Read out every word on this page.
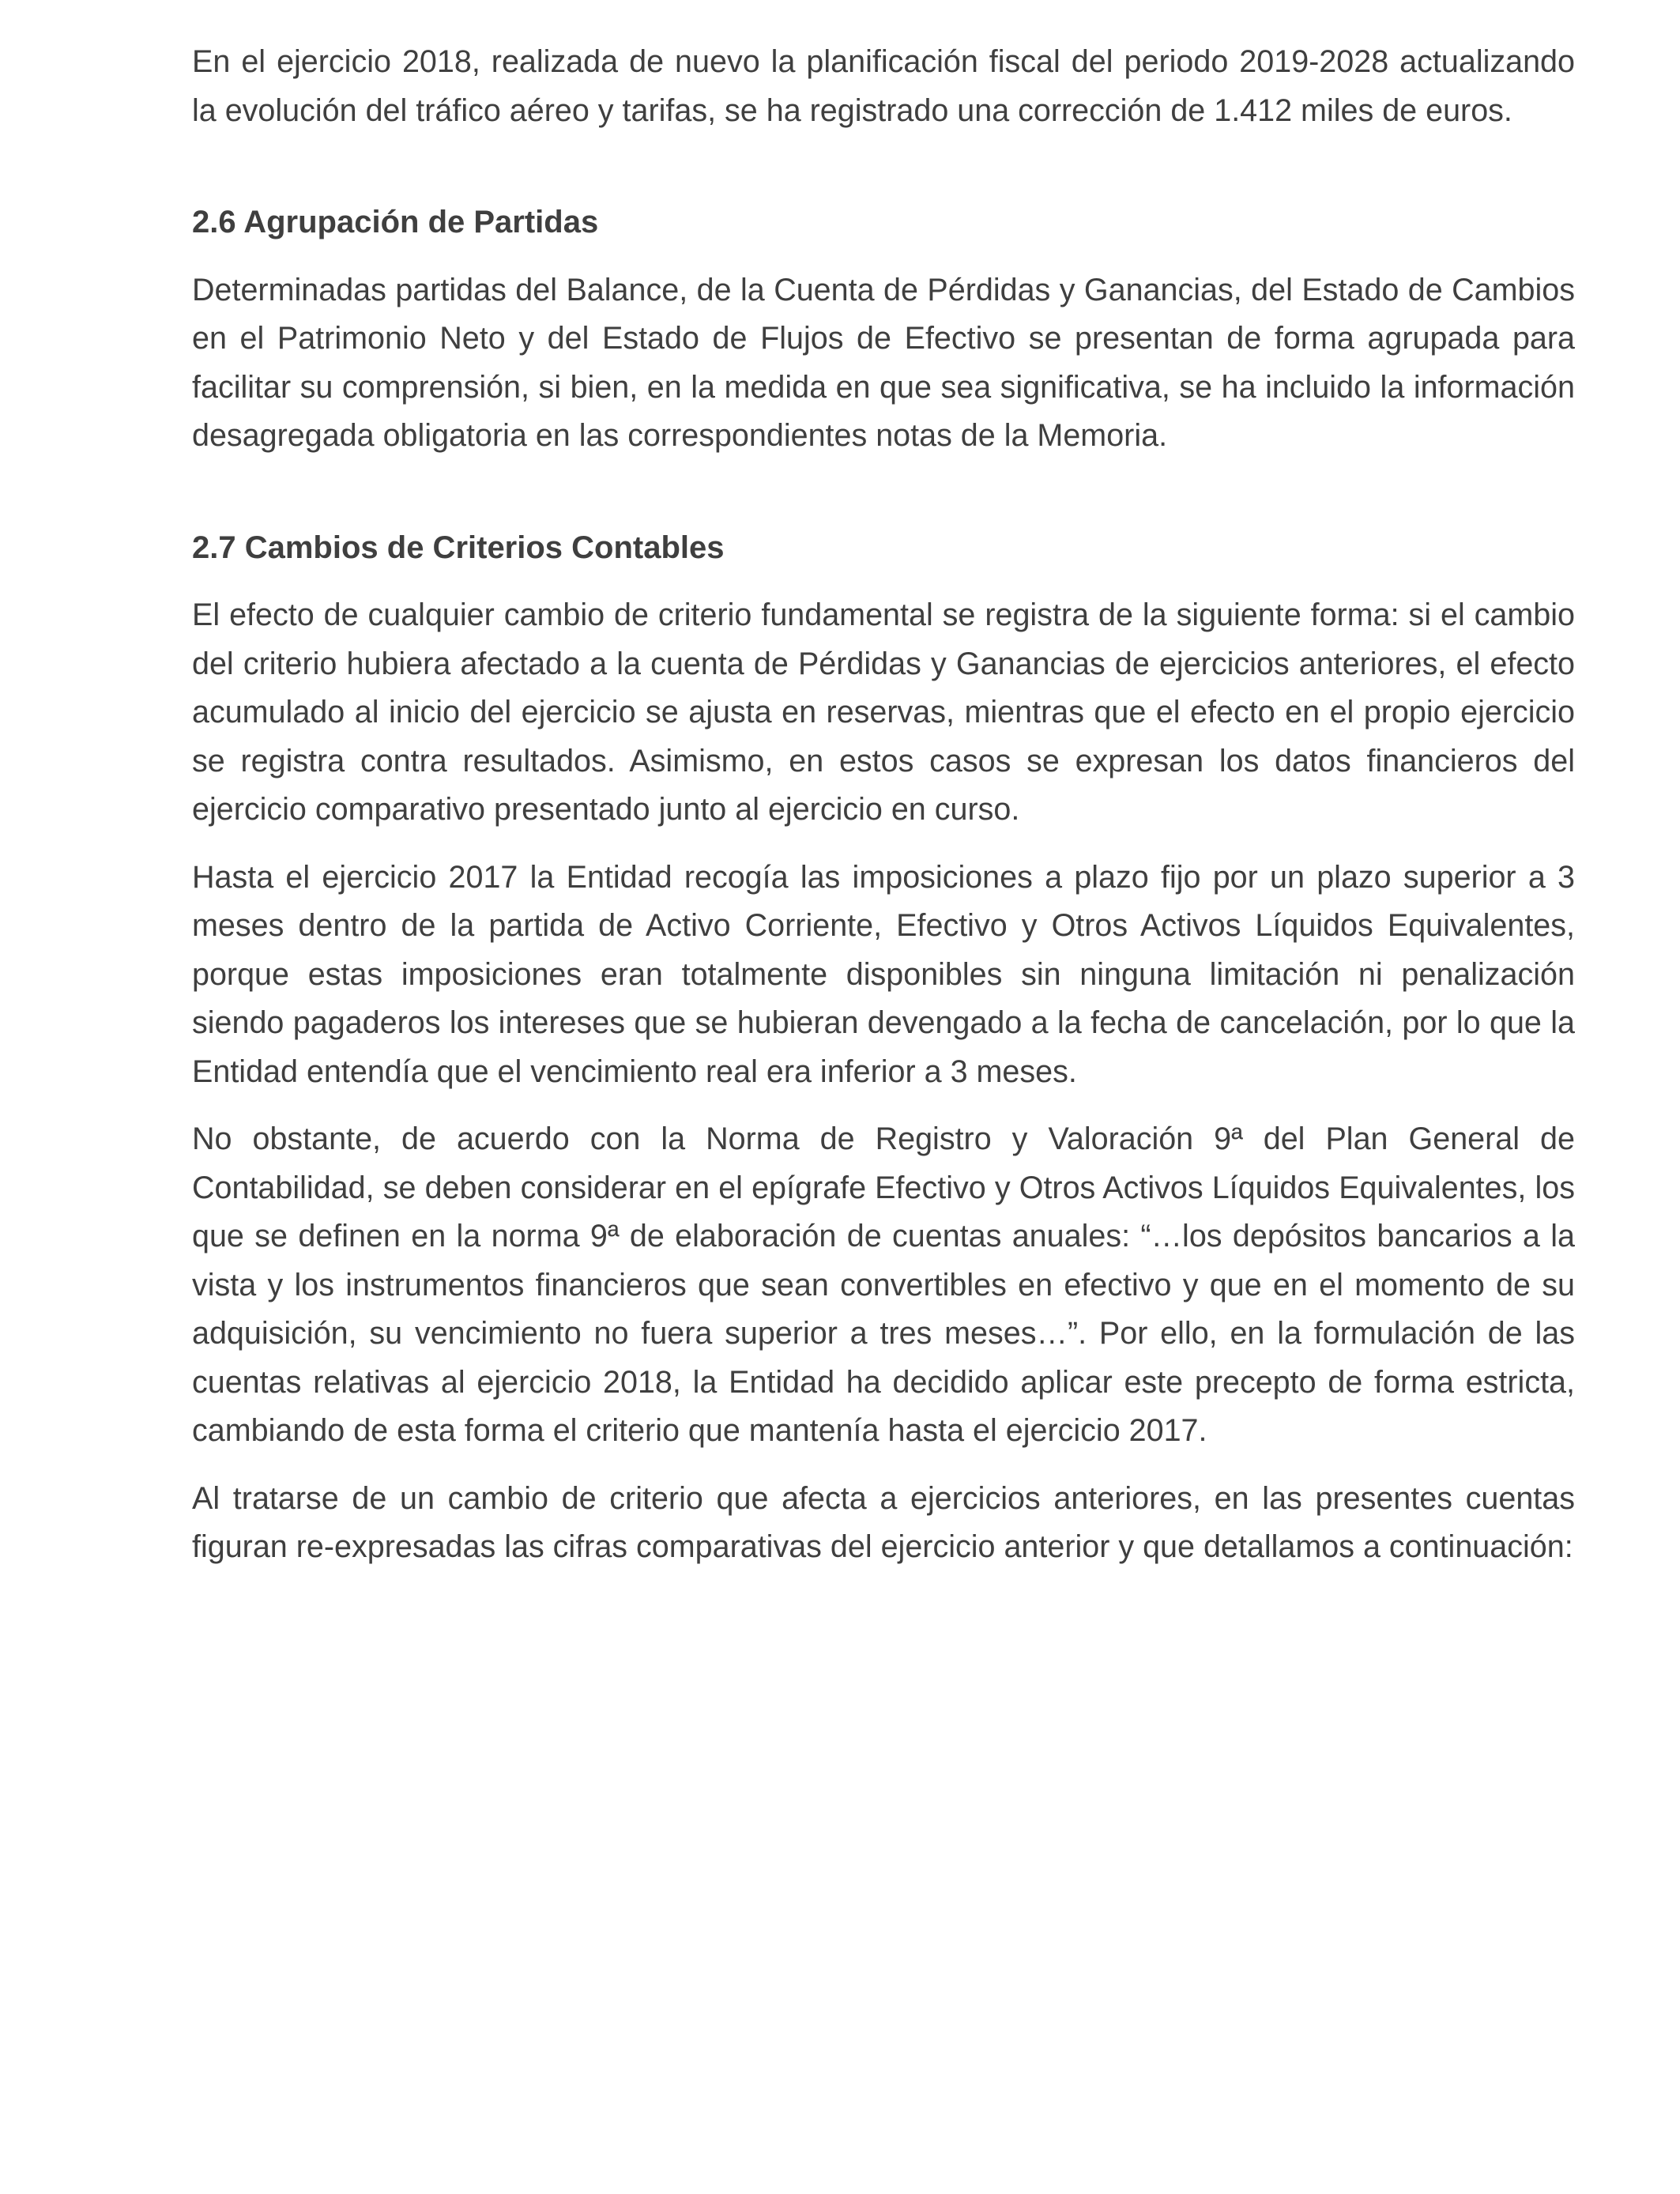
En el ejercicio 2018, realizada de nuevo la planificación fiscal del periodo 2019-2028 actualizando la evolución del tráfico aéreo y tarifas, se ha registrado una corrección de 1.412 miles de euros.

2.6 Agrupación de Partidas

Determinadas partidas del Balance, de la Cuenta de Pérdidas y Ganancias, del Estado de Cambios en el Patrimonio Neto y del Estado de Flujos de Efectivo se presentan de forma agrupada para facilitar su comprensión, si bien, en la medida en que sea significativa, se ha incluido la información desagregada obligatoria en las correspondientes notas de la Memoria.

2.7 Cambios de Criterios Contables

El efecto de cualquier cambio de criterio fundamental se registra de la siguiente forma: si el cambio del criterio hubiera afectado a la cuenta de Pérdidas y Ganancias de ejercicios anteriores, el efecto acumulado al inicio del ejercicio se ajusta en reservas, mientras que el efecto en el propio ejercicio se registra contra resultados. Asimismo, en estos casos se expresan los datos financieros del ejercicio comparativo presentado junto al ejercicio en curso.

Hasta el ejercicio 2017 la Entidad recogía las imposiciones a plazo fijo por un plazo superior a 3 meses dentro de la partida de Activo Corriente, Efectivo y Otros Activos Líquidos Equivalentes, porque estas imposiciones eran totalmente disponibles sin ninguna limitación ni penalización siendo pagaderos los intereses que se hubieran devengado a la fecha de cancelación, por lo que la Entidad entendía que el vencimiento real era inferior a 3 meses.

No obstante, de acuerdo con la Norma de Registro y Valoración 9ª del Plan General de Contabilidad, se deben considerar en el epígrafe Efectivo y Otros Activos Líquidos Equivalentes, los que se definen en la norma 9ª de elaboración de cuentas anuales: “…los depósitos bancarios a la vista y los instrumentos financieros que sean convertibles en efectivo y que en el momento de su adquisición, su vencimiento no fuera superior a tres meses…”. Por ello, en la formulación de las cuentas relativas al ejercicio 2018, la Entidad ha decidido aplicar este precepto de forma estricta, cambiando de esta forma el criterio que mantenía hasta el ejercicio 2017.

Al tratarse de un cambio de criterio que afecta a ejercicios anteriores, en las presentes cuentas figuran re-expresadas las cifras comparativas del ejercicio anterior y que detallamos a continuación:
